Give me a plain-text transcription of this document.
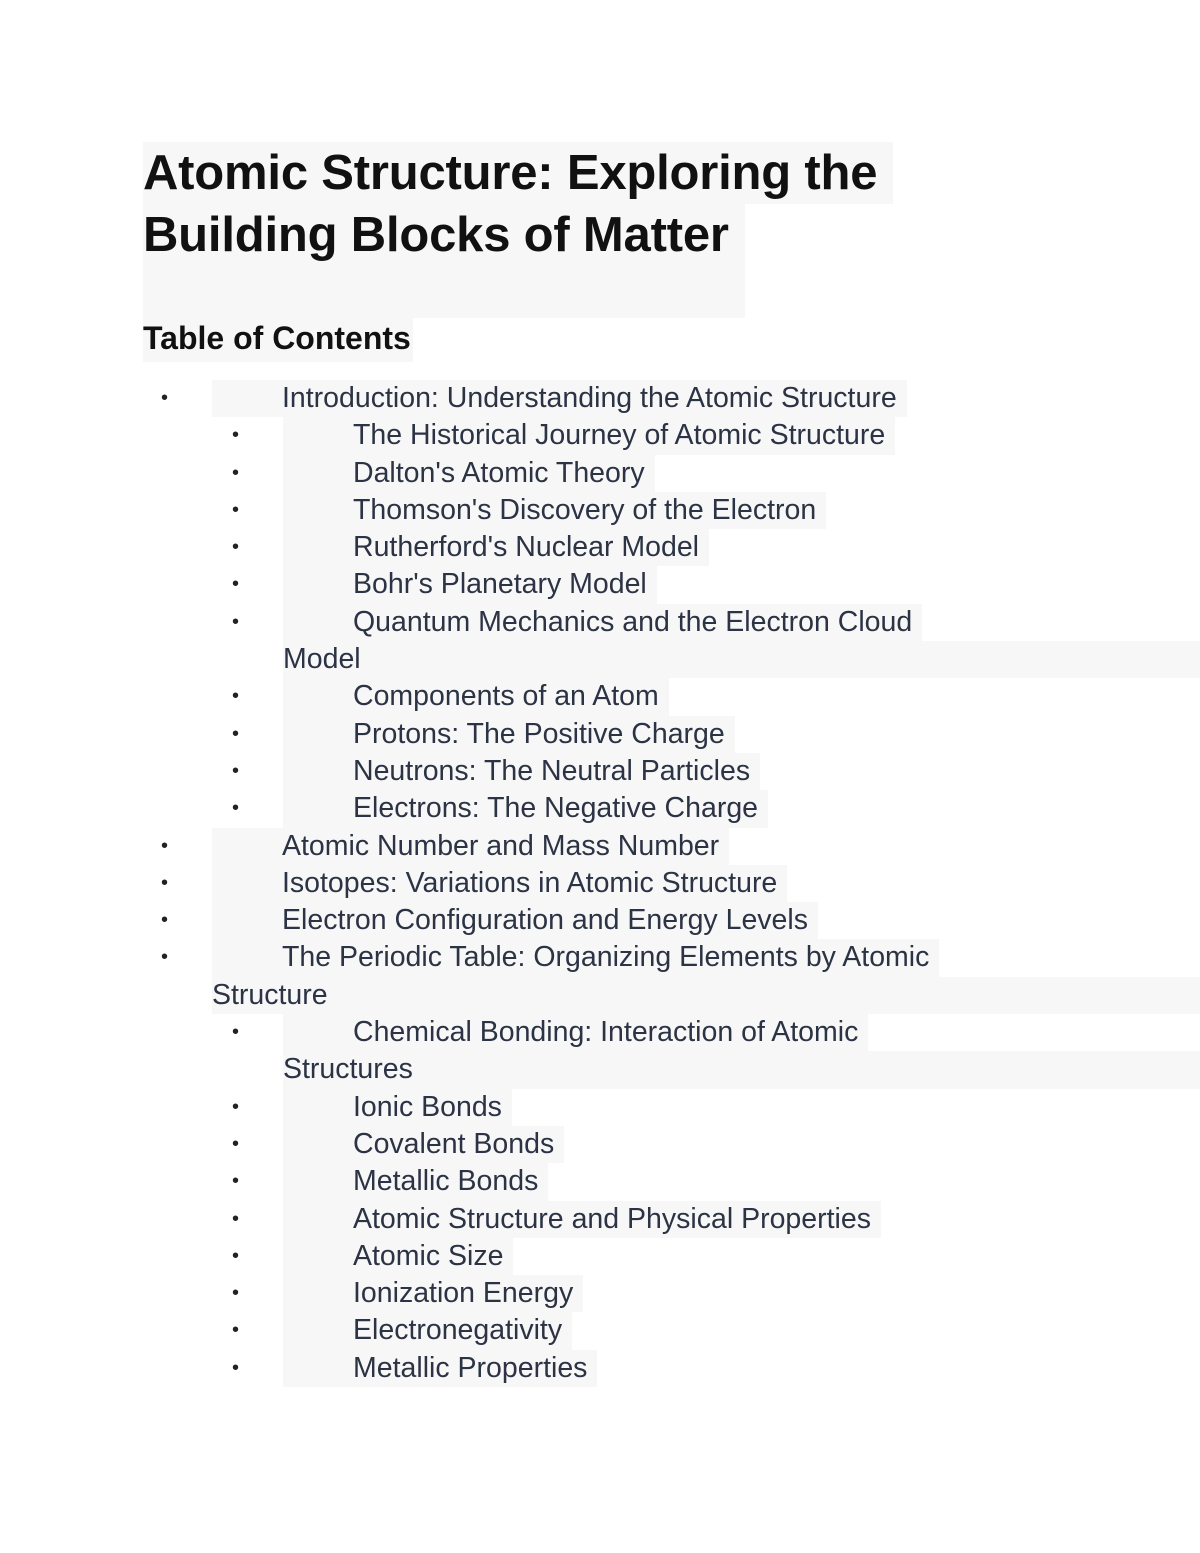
Atomic Structure: Exploring the
Building Blocks of Matter
Table of Contents
•	Introduction: Understanding the Atomic Structure
•	The Historical Journey of Atomic Structure
•	Dalton's Atomic Theory
•	Thomson's Discovery of the Electron
•	Rutherford's Nuclear Model
•	Bohr's Planetary Model
•	Quantum Mechanics and the Electron Cloud

Model
•	Components of an Atom
•	Protons: The Positive Charge
•	Neutrons: The Neutral Particles
•	Electrons: The Negative Charge
•	Atomic Number and Mass Number
•	Isotopes: Variations in Atomic Structure
•	Electron Configuration and Energy Levels
•	The Periodic Table: Organizing Elements by Atomic

Structure
•	Chemical Bonding: Interaction of Atomic

Structures
•	Ionic Bonds
•	Covalent Bonds
•	Metallic Bonds
•	Atomic Structure and Physical Properties
•	Atomic Size
•	Ionization Energy
•	Electronegativity
•	Metallic Properties
